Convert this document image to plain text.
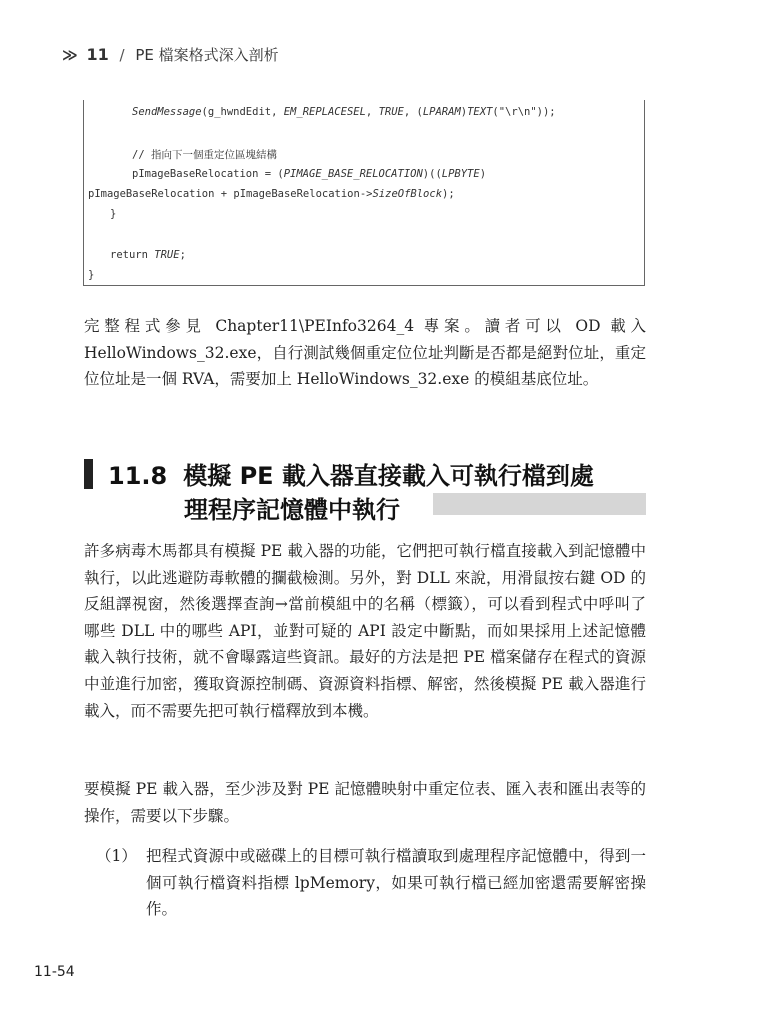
≫ 11 / PE 檔案格式深入剖析
SendMessage(g_hwndEdit, EM_REPLACESEL, TRUE, (LPARAM)TEXT("\r\n"));
// 指向下一個重定位區塊結構
pImageBaseRelocation = (PIMAGE_BASE_RELOCATION)((LPBYTE)
pImageBaseRelocation + pImageBaseRelocation->SizeOfBlock);
}
return TRUE;
}
完整程式參見 Chapter11\PEInfo3264_4 專案。讀者可以 OD 載入 HelloWindows_32.exe，自行測試幾個重定位位址判斷是否都是絕對位址，重定位位址是一個 RVA，需要加上 HelloWindows_32.exe 的模組基底位址。
11.8 模擬 PE 載入器直接載入可執行檔到處
理程序記憶體中執行
許多病毒木馬都具有模擬 PE 載入器的功能，它們把可執行檔直接載入到記憶體中執行，以此逃避防毒軟體的攔截檢測。另外，對 DLL 來說，用滑鼠按右鍵 OD 的反組譯視窗，然後選擇查詢→當前模組中的名稱（標籤），可以看到程式中呼叫了哪些 DLL 中的哪些 API，並對可疑的 API 設定中斷點，而如果採用上述記憶體載入執行技術，就不會曝露這些資訊。最好的方法是把 PE 檔案儲存在程式的資源中並進行加密，獲取資源控制碼、資源資料指標、解密，然後模擬 PE 載入器進行載入，而不需要先把可執行檔釋放到本機。
要模擬 PE 載入器，至少涉及對 PE 記憶體映射中重定位表、匯入表和匯出表等的操作，需要以下步驟。
（1） 把程式資源中或磁碟上的目標可執行檔讀取到處理程序記憶體中，得到一個可執行檔資料指標 lpMemory，如果可執行檔已經加密還需要解密操作。
11-54
